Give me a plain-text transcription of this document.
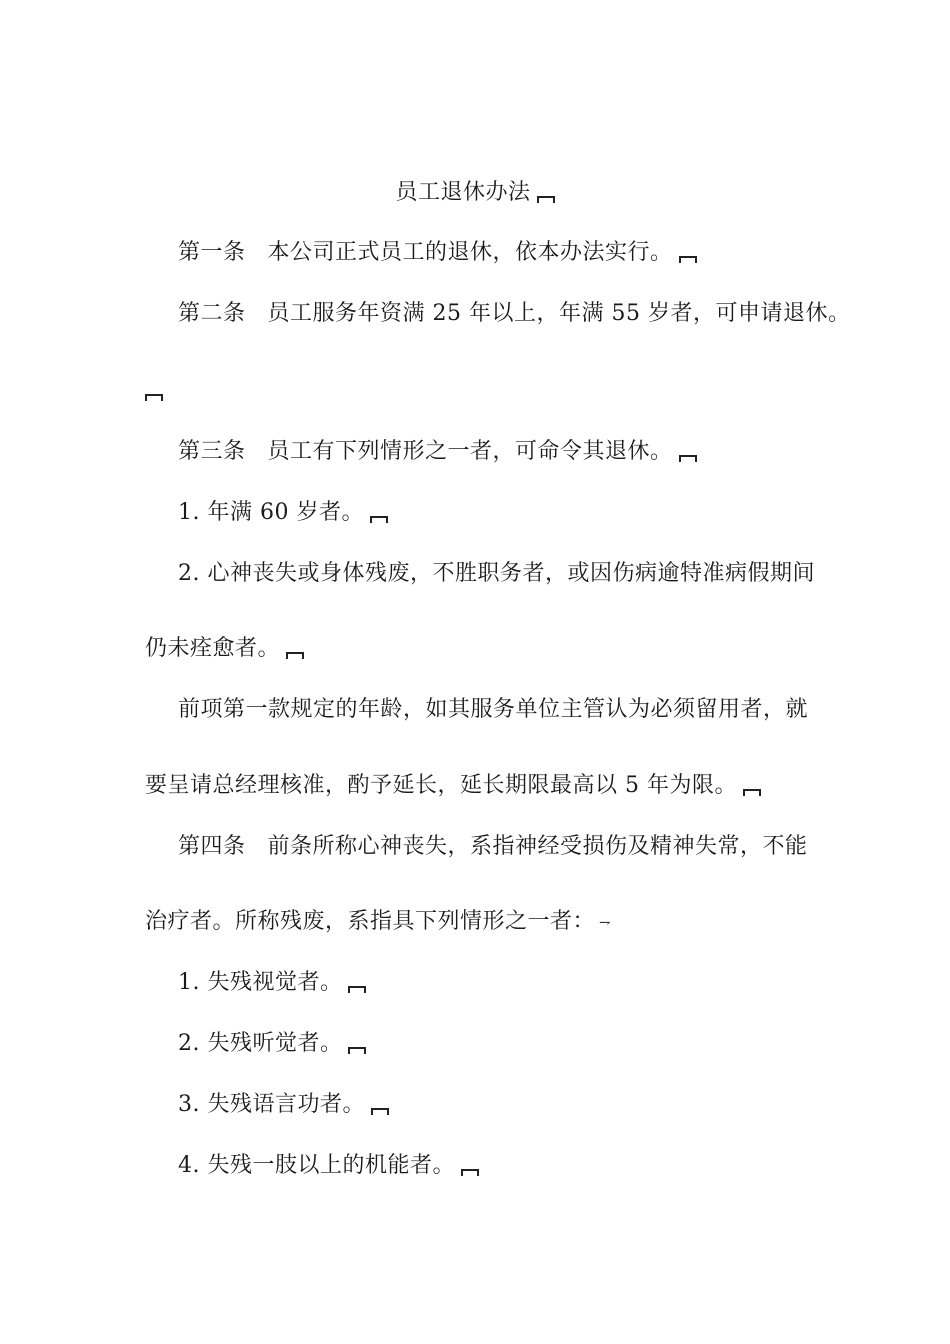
员工退休办法
第一条 本公司正式员工的退休，依本办法实行。
第二条 员工服务年资满 25 年以上，年满 55 岁者，可申请退休。
第三条 员工有下列情形之一者，可命令其退休。
1. 年满 60 岁者。
2. 心神丧失或身体残废，不胜职务者，或因伤病逾特准病假期间
仍未痊愈者。
前项第一款规定的年龄，如其服务单位主管认为必须留用者，就
要呈请总经理核准，酌予延长，延长期限最高以 5 年为限。
第四条 前条所称心神丧失，系指神经受损伤及精神失常，不能
治疗者。所称残废，系指具下列情形之一者： ⇁
1. 失残视觉者。
2. 失残听觉者。
3. 失残语言功者。
4. 失残一肢以上的机能者。
